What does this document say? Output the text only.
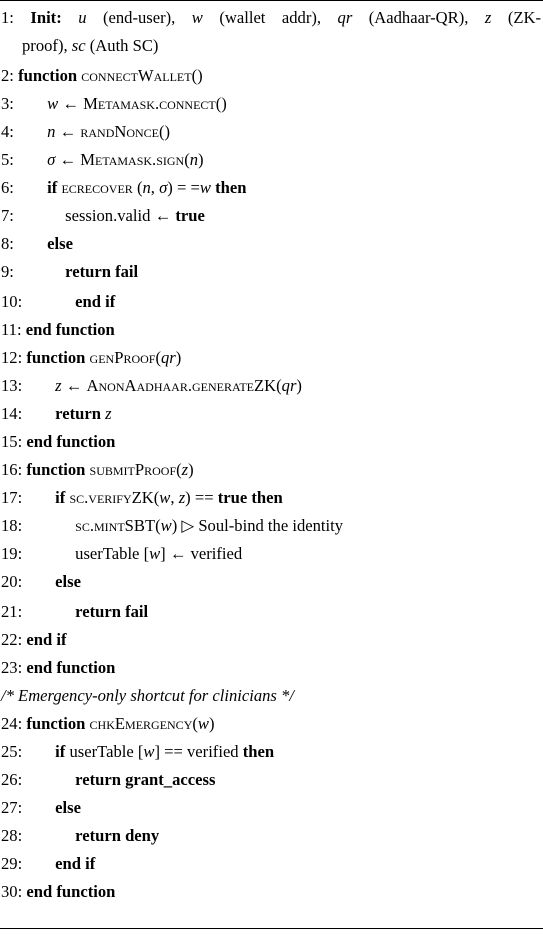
1: Init: u (end-user), w (wallet addr), qr (Aadhaar-QR), z (ZK-
proof), sc (Auth SC)
2: function connectWallet()
3: w ← Metamask.connect()
4: n ← randNonce()
5: σ ← Metamask.sign(n)
6: if ecrecover (n, σ) = =w then
7:	session.valid ← true
8: else
9:	return fail
10:	end if
11: end function
12: function genProof(qr)
13: z ← AnonAadhaar.generateZK(qr)
14: return z
15: end function
16: function submitProof(z)
17: if sc.verifyZK(w, z) == true then
18:	sc.mintSBT(w) ▷ Soul-bind the identity
19:	userTable [w] ← verified
20: else
21:	return fail
22: end if
23: end function
/* Emergency-only shortcut for clinicians */
24: function chkEmergency(w)
25: if userTable [w] == verified then
26:	return grant_access
27: else
28:	return deny
29: end if
30: end function
